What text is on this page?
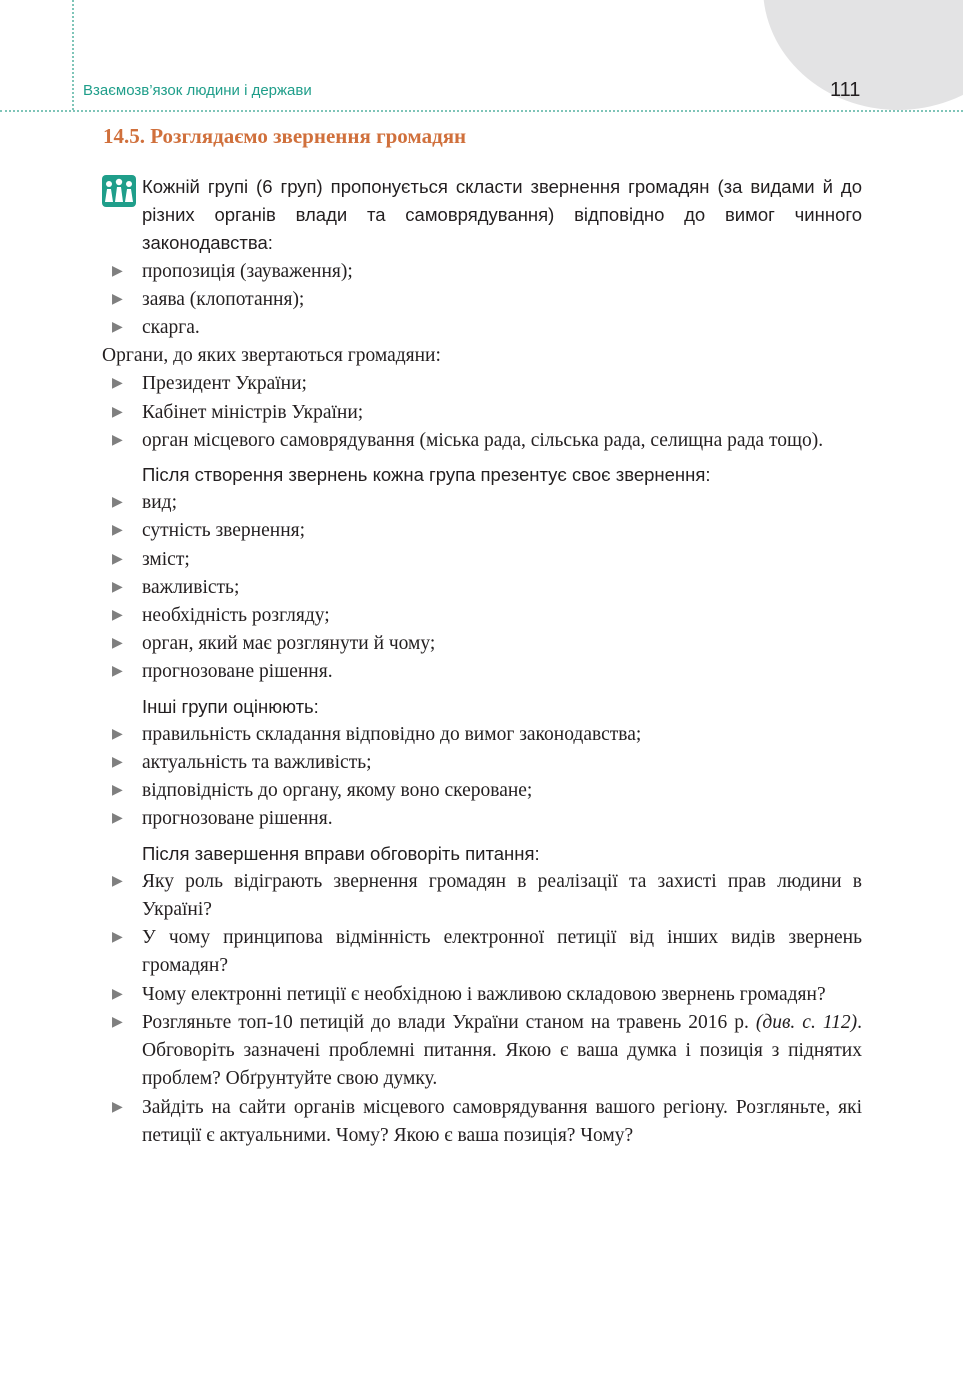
Взаємозв’язок людини і держави	111
14.5. Розглядаємо звернення громадян
Кожній групі (6 груп) пропонується скласти звернення громадян (за видами й до різних органів влади та самоврядування) відповідно до вимог чинного законодавства:
▶ пропозиція (зауваження);
▶ заява (клопотання);
▶ скарга.

Органи, до яких звертаються громадяни:

▶ Президент України;
▶ Кабінет міністрів України;
▶ орган місцевого самоврядування (міська рада, сільська рада, селищна рада тощо).
Після створення звернень кожна група презентує своє звернення:
▶ вид;
▶ сутність звернення;
▶ зміст;
▶ важливість;
▶ необхідність розгляду;
▶ орган, який має розглянути й чому;
▶ прогнозоване рішення.
Інші групи оцінюють:
▶ правильність складання відповідно до вимог законодавства;
▶ актуальність та важливість;
▶ відповідність до органу, якому воно скероване;
▶ прогнозоване рішення.
Після завершення вправи обговоріть питання:
▶ Яку роль відіграють звернення громадян в реалізації та захисті прав людини в Україні?
▶ У чому принципова відмінність електронної петиції від інших видів звернень громадян?
▶ Чому електронні петиції є необхідною і важливою складовою звернень громадян?
▶ Розгляньте топ-10 петицій до влади України станом на травень 2016 р. (див. с. 112). Обговоріть зазначені проблемні питання. Якою є ваша думка і позиція з піднятих проблем? Обґрунтуйте свою думку.
▶ Зайдіть на сайти органів місцевого самоврядування вашого регіону. Розгляньте, які петиції є актуальними. Чому? Якою є ваша позиція? Чому?
